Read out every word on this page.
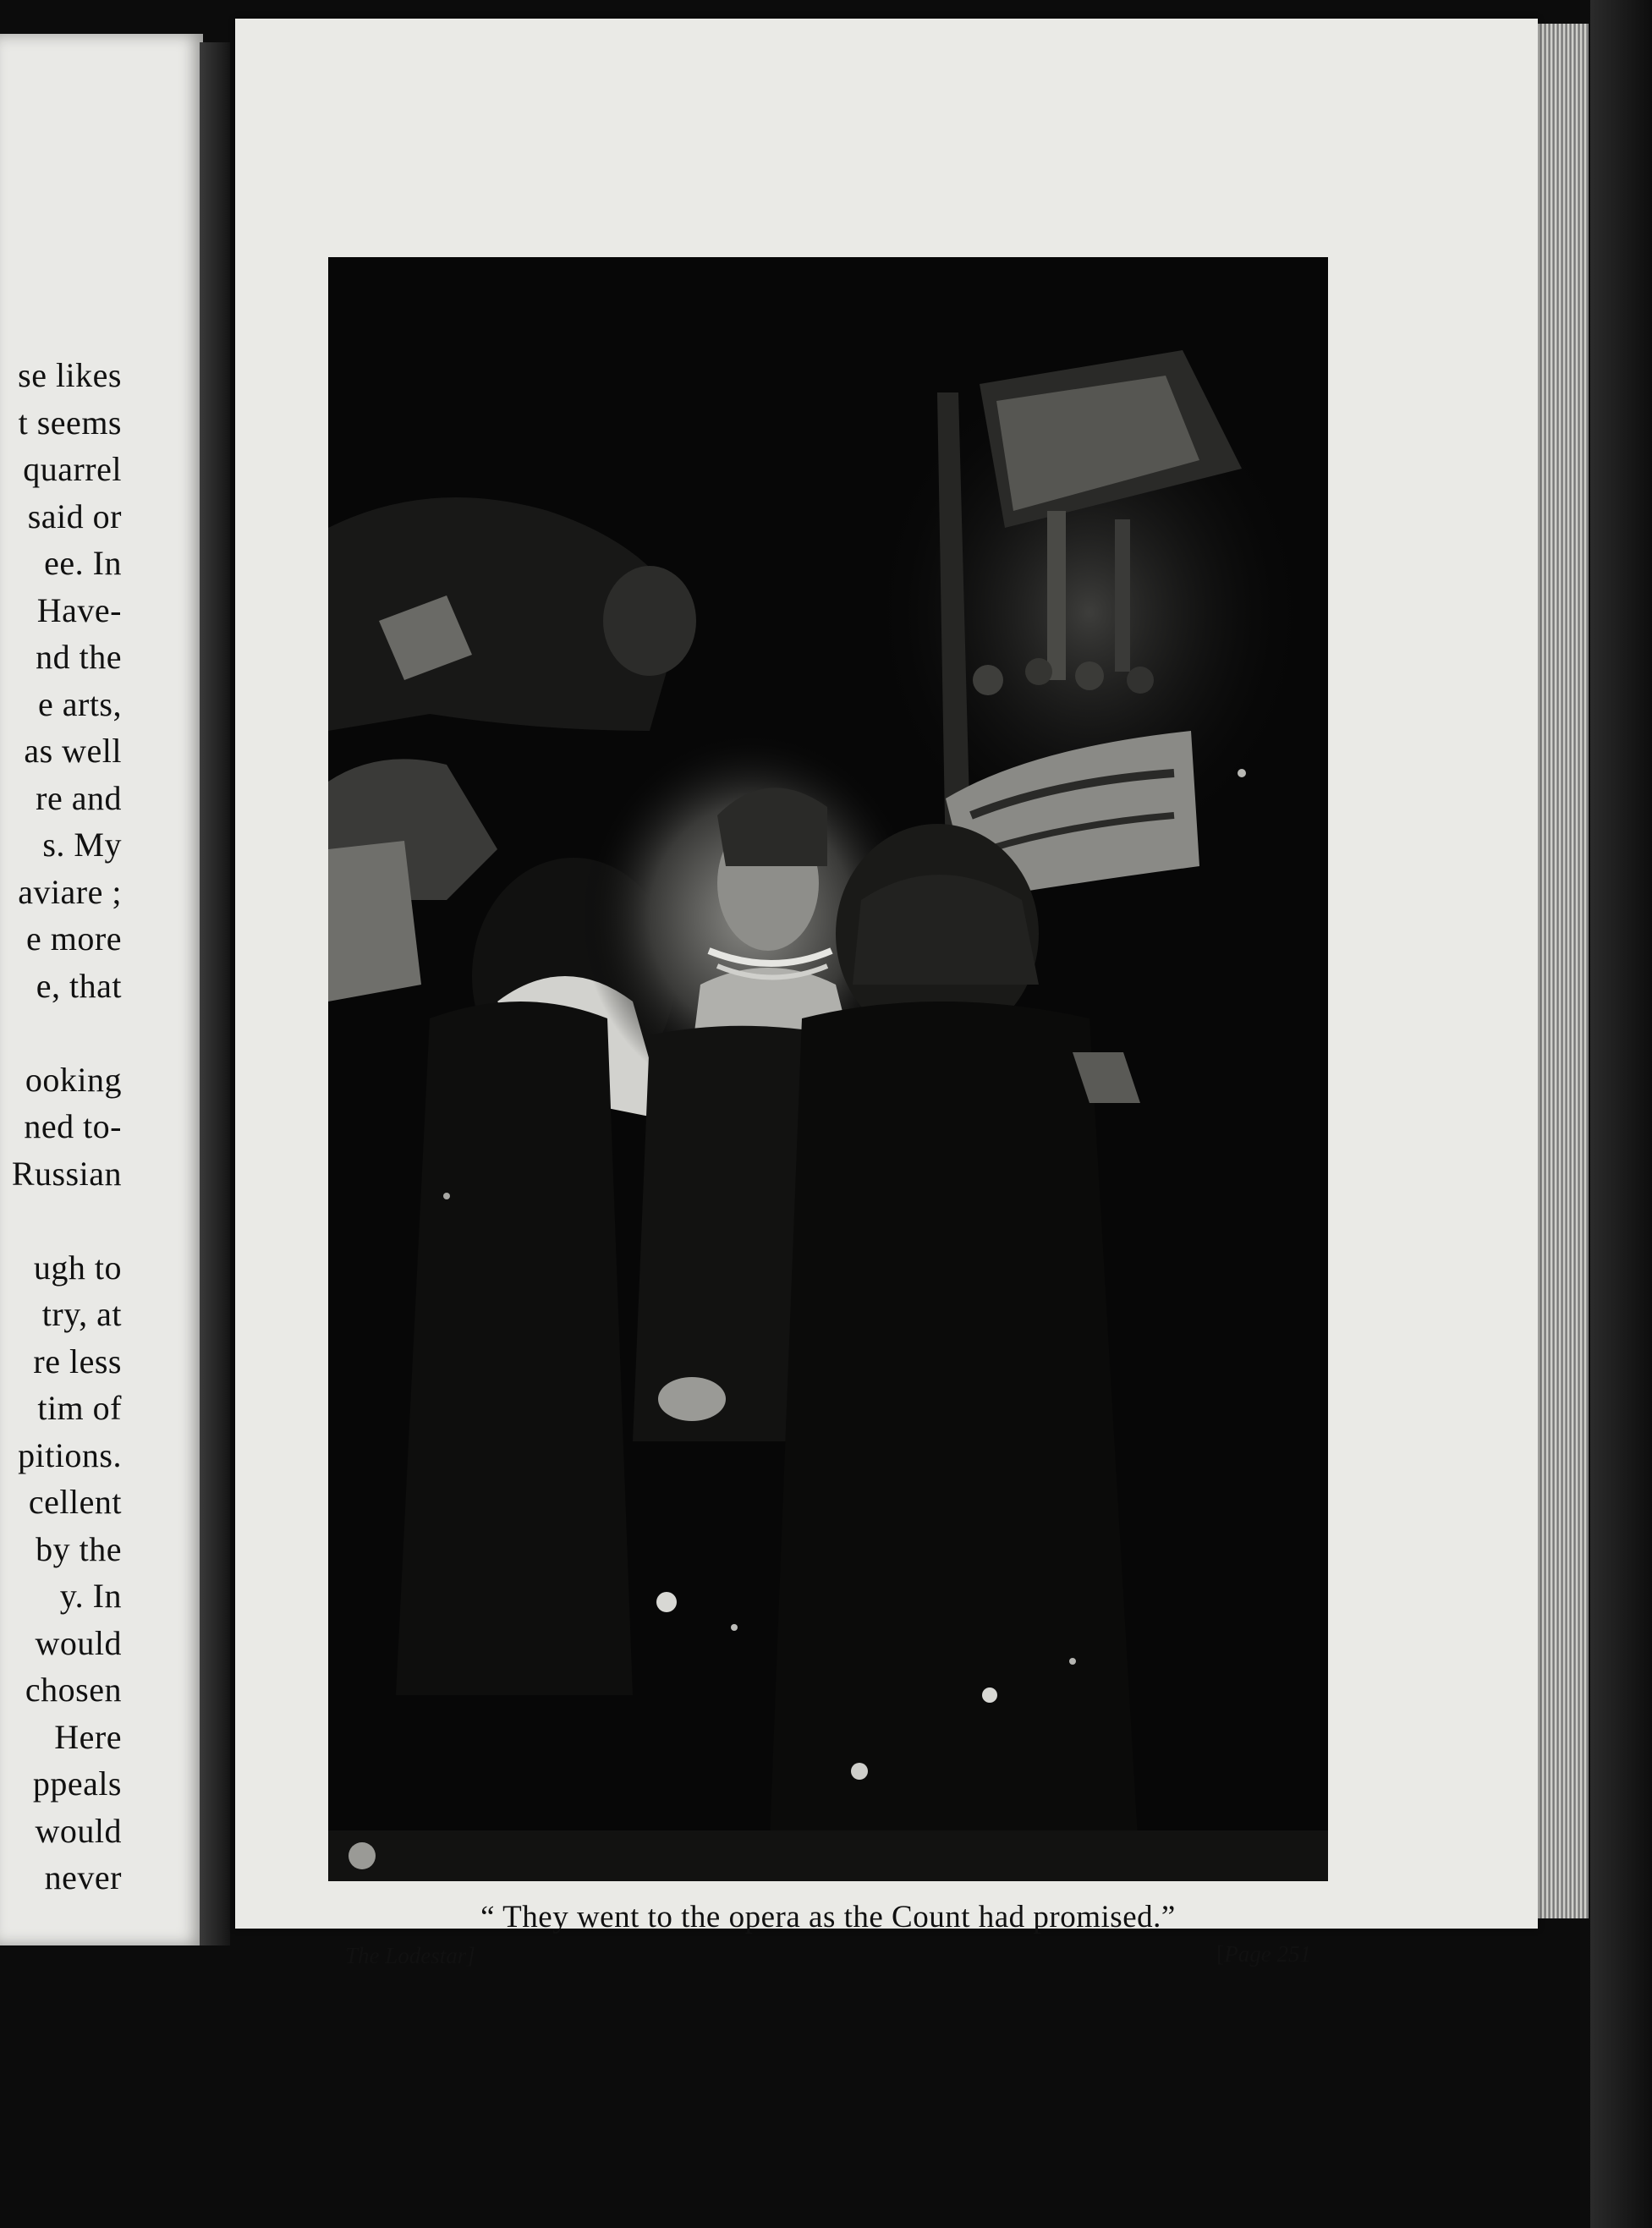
se likes
t seems
quarrel
said or
ee. In
Have-
nd the
e arts,
as well
re and
s. My
aviare ;
e more
e, that
ooking
ned to-
Russian
ugh to
try, at
re less
tim of
pitions.
cellent
by the
y. In
would
chosen
Here
ppeals
would
never

“ They went to the opera as the Count had promised.”

The Lodestar]	[Page 251
